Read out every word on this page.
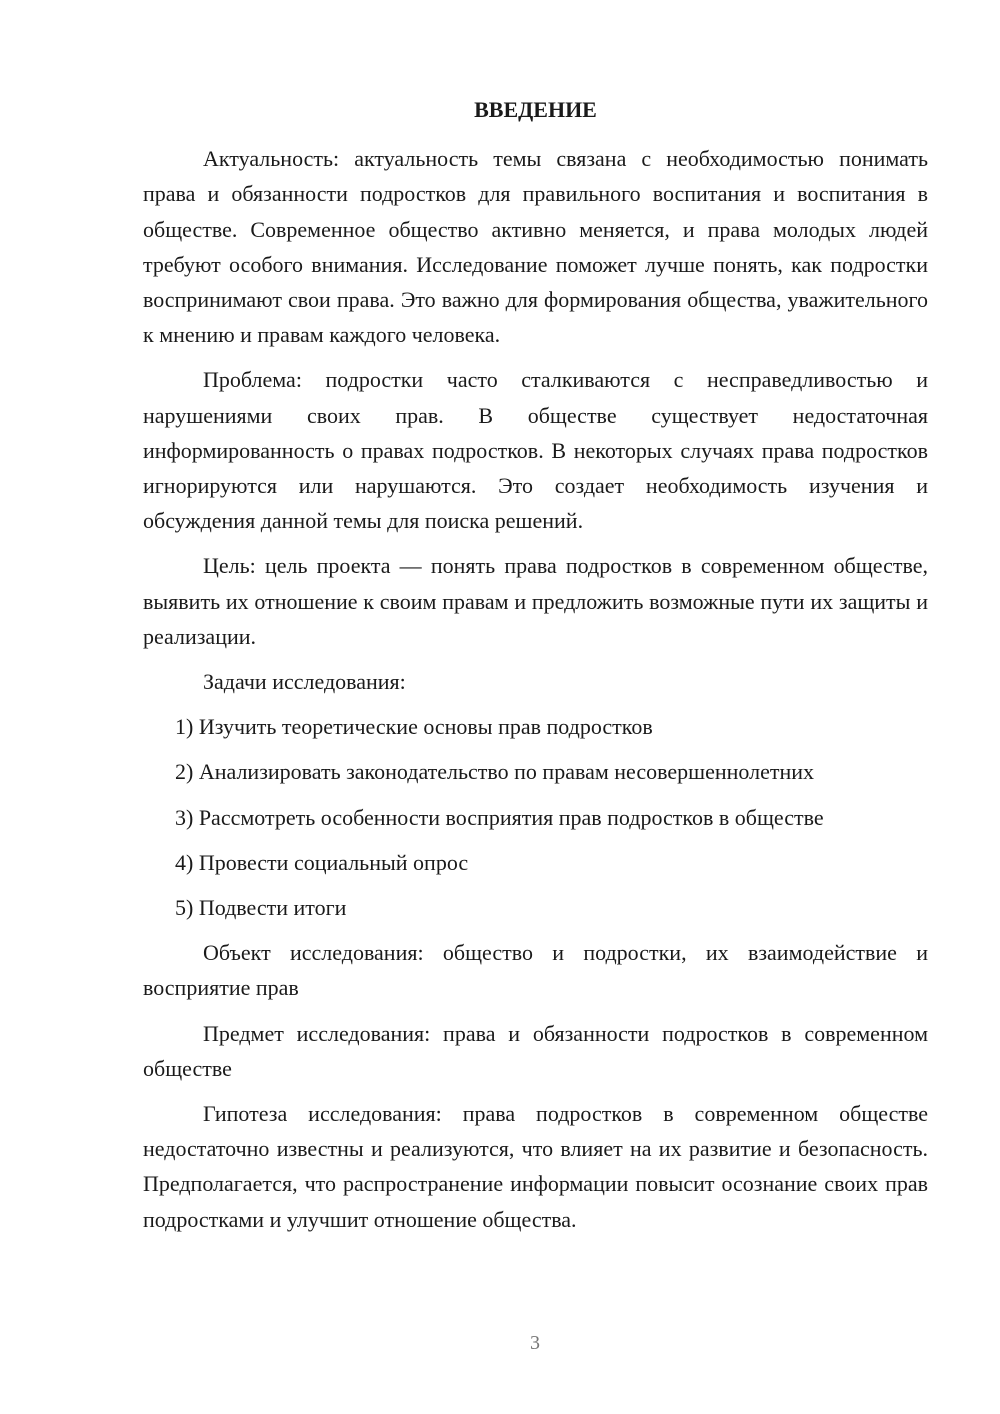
ВВЕДЕНИЕ

Актуальность: актуальность темы связана с необходимостью понимать права и обязанности подростков для правильного воспитания и воспитания в обществе. Современное общество активно меняется, и права молодых людей требуют особого внимания. Исследование поможет лучше понять, как подростки воспринимают свои права. Это важно для формирования общества, уважительного к мнению и правам каждого человека.

Проблема: подростки часто сталкиваются с несправедливостью и нарушениями своих прав. В обществе существует недостаточная информированность о правах подростков. В некоторых случаях права подростков игнорируются или нарушаются. Это создает необходимость изучения и обсуждения данной темы для поиска решений.

Цель: цель проекта — понять права подростков в современном обществе, выявить их отношение к своим правам и предложить возможные пути их защиты и реализации.

Задачи исследования:

1) Изучить теоретические основы прав подростков
2) Анализировать законодательство по правам несовершеннолетних
3) Рассмотреть особенности восприятия прав подростков в обществе
4) Провести социальный опрос
5) Подвести итоги

Объект исследования: общество и подростки, их взаимодействие и восприятие прав

Предмет исследования: права и обязанности подростков в современном обществе

Гипотеза исследования: права подростков в современном обществе недостаточно известны и реализуются, что влияет на их развитие и безопасность. Предполагается, что распространение информации повысит осознание своих прав подростками и улучшит отношение общества.

3
